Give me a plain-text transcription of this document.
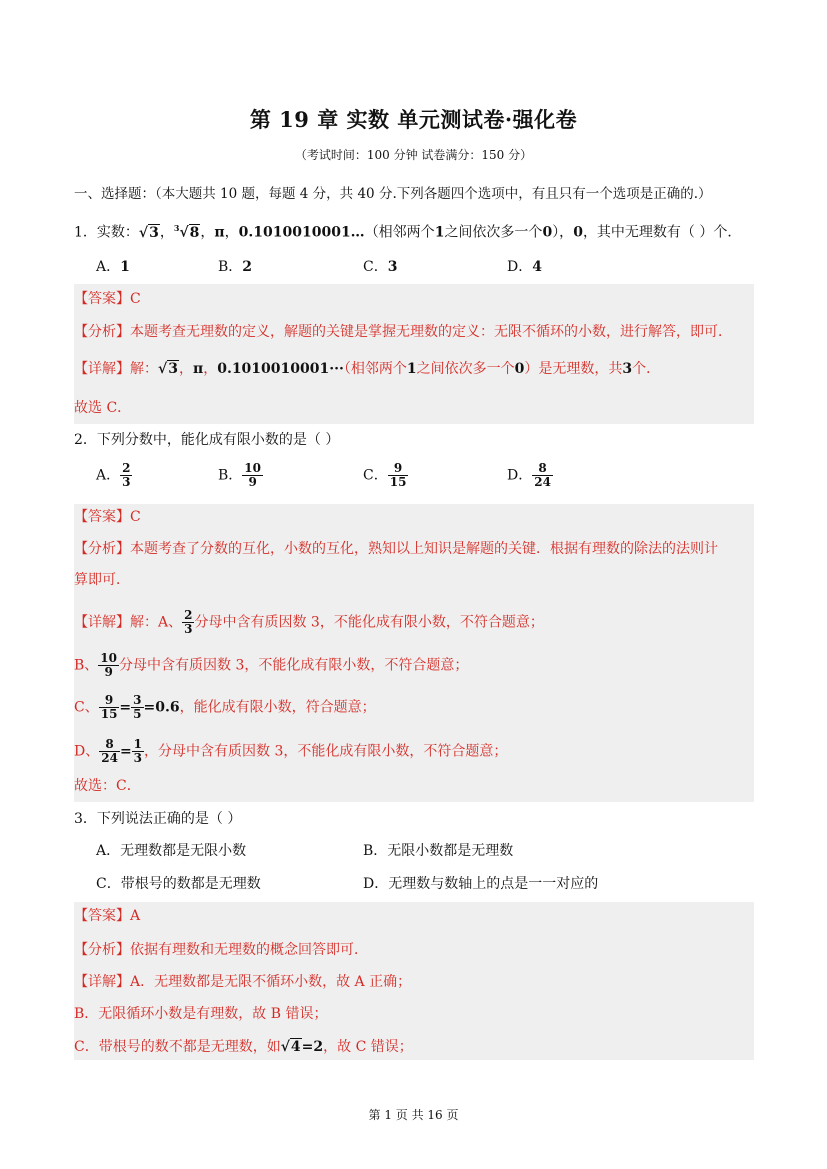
第 19 章 实数 单元测试卷·强化卷
（考试时间：100 分钟 试卷满分：150 分）
一、选择题：（本大题共 10 题，每题 4 分，共 40 分.下列各题四个选项中，有且只有一个选项是正确的.）
1．实数：√3，$^3$√8，π，0.1010010001…（相邻两个1之间依次多一个0），0，其中无理数有（ ）个．
A．1	B．2	C．3	D．4
【答案】C
【分析】本题考查无理数的定义，解题的关键是掌握无理数的定义：无限不循环的小数，进行解答，即可．
【详解】解：√3，π，0.1010010001···（相邻两个1之间依次多一个0）是无理数，共3个．
故选 C．
2．下列分数中，能化成有限小数的是（ ）
A． $\frac{2}{3}$	B． $\frac{10}{9}$	C． $\frac{9}{15}$	D． $\frac{8}{24}$
【答案】C
【分析】本题考查了分数的互化，小数的互化，熟知以上知识是解题的关键．根据有理数的除法的法则计
算即可．
【详解】解：A、 $\frac{2}{3}$ 分母中含有质因数 3，不能化成有限小数，不符合题意；
B、 $\frac{10}{9}$ 分母中含有质因数 3，不能化成有限小数，不符合题意；
C、 $\frac{9}{15} = \frac{3}{5} =0.6$，能化成有限小数，符合题意；
D、 $\frac{8}{24} = \frac{1}{3}$ ，分母中含有质因数 3，不能化成有限小数，不符合题意；
故选：C．
3．下列说法正确的是（ ）
A．无理数都是无限小数	B．无限小数都是无理数
C．带根号的数都是无理数	D．无理数与数轴上的点是一一对应的
【答案】A
【分析】依据有理数和无理数的概念回答即可．
【详解】A．无理数都是无限不循环小数，故 A 正确；
B．无限循环小数是有理数，故 B 错误；
C．带根号的数不都是无理数，如√4=2，故 C 错误；
第 1 页 共 16 页
